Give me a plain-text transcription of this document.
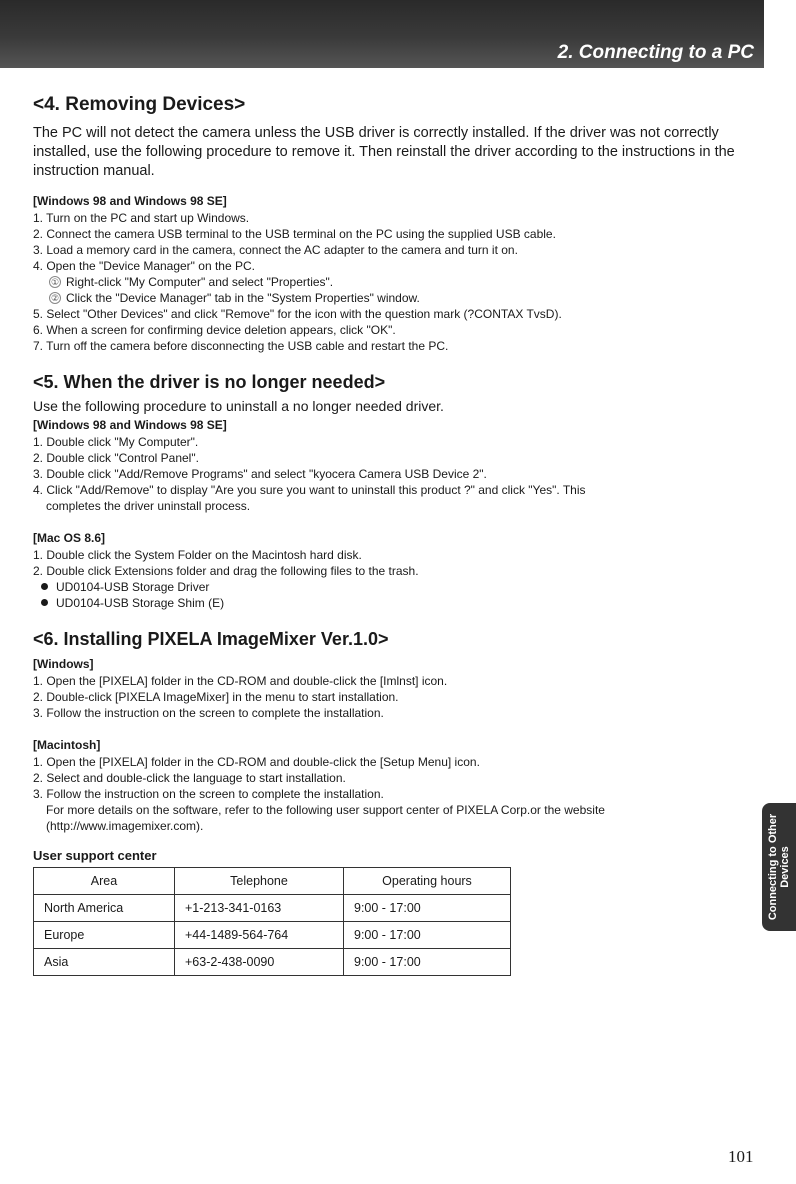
2. Connecting to a PC
<4. Removing Devices>

The PC will not detect the camera unless the USB driver is correctly installed. If the driver was not correctly installed, use the following procedure to remove it. Then reinstall the driver according to the instructions in the instruction manual.

[Windows 98 and Windows 98 SE]
1. Turn on the PC and start up Windows.
2. Connect the camera USB terminal to the USB terminal on the PC using the supplied USB cable.
3. Load a memory card in the camera, connect the AC adapter to the camera and turn it on.
4. Open the "Device Manager" on the PC.
① Right-click "My Computer" and select "Properties".
② Click the "Device Manager" tab in the "System Properties" window.
5. Select "Other Devices" and click "Remove" for the icon with the question mark (?CONTAX TvsD).
6. When a screen for confirming device deletion appears, click "OK".
7. Turn off the camera before disconnecting the USB cable and restart the PC.
<5. When the driver is no longer needed>

Use the following procedure to uninstall a no longer needed driver.

[Windows 98 and Windows 98 SE]
1. Double click "My Computer".
2. Double click "Control Panel".
3. Double click "Add/Remove Programs" and select "kyocera Camera USB Device 2".
4. Click "Add/Remove" to display "Are you sure you want to uninstall this product ?" and click "Yes". This
completes the driver uninstall process.
[Mac OS 8.6]
1. Double click the System Folder on the Macintosh hard disk.
2. Double click Extensions folder and drag the following files to the trash.
UD0104-USB Storage Driver
UD0104-USB Storage Shim (E)
<6. Installing PIXELA ImageMixer Ver.1.0>
[Windows]
1. Open the [PIXELA] folder in the CD-ROM and double-click the [Imlnst] icon.
2. Double-click [PIXELA ImageMixer] in the menu to start installation.
3. Follow the instruction on the screen to complete the installation.
[Macintosh]
1. Open the [PIXELA] folder in the CD-ROM and double-click the [Setup Menu] icon.
2. Select and double-click the language to start installation.
3. Follow the instruction on the screen to complete the installation.
For more details on the software, refer to the following user support center of PIXELA Corp.or the website
(http://www.imagemixer.com).
User support center
Area	Telephone	Operating hours
North America	+1-213-341-0163	9:00 - 17:00
Europe	+44-1489-564-764	9:00 - 17:00
Asia	+63-2-438-0090	9:00 - 17:00
Connecting to Other Devices
101
